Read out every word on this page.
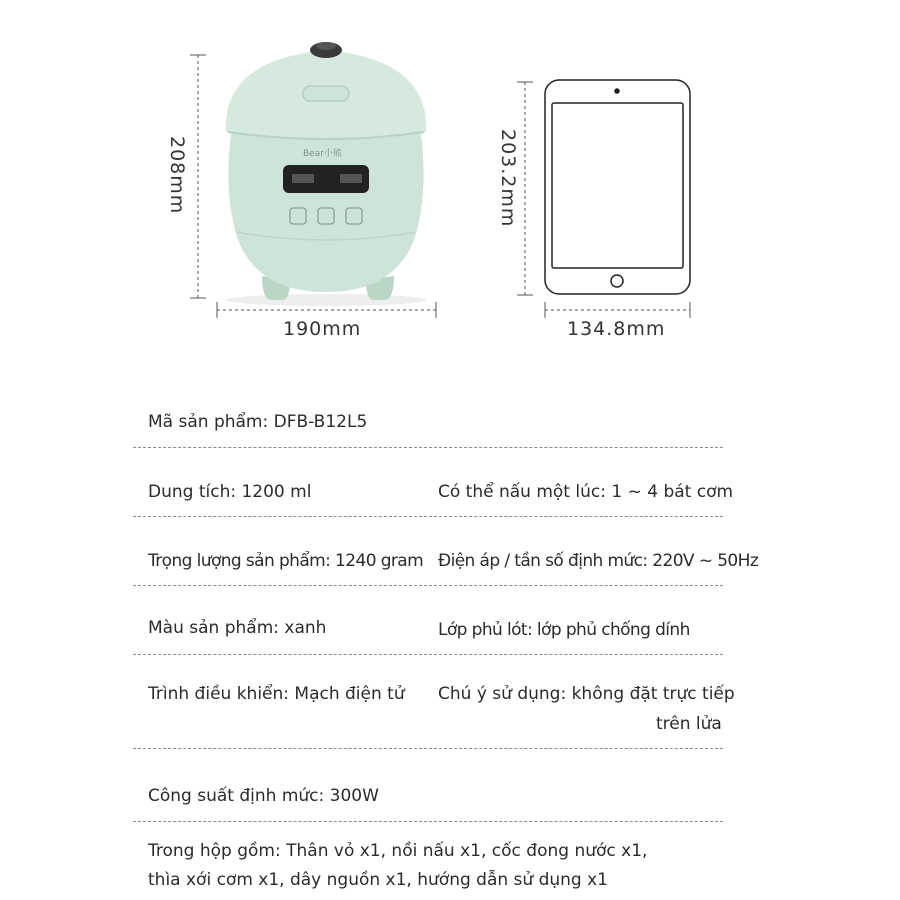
Bear小熊
208mm
190mm
203.2mm
134.8mm
Mã sản phẩm: DFB-B12L5
Dung tích: 1200 ml	Có thể nấu một lúc: 1 ~ 4 bát cơm
Trọng lượng sản phẩm: 1240 gram Điện áp / tần số định mức: 220V ~ 50Hz
Màu sản phẩm: xanh	Lớp phủ lót: lớp phủ chống dính
Trình điều khiển: Mạch điện tử Chú ý sử dụng: không đặt trực tiếp
trên lửa
Công suất định mức: 300W
Trong hộp gồm: Thân vỏ x1, nồi nấu x1, cốc đong nước x1,
thìa xới cơm x1, dây nguồn x1, hướng dẫn sử dụng x1
